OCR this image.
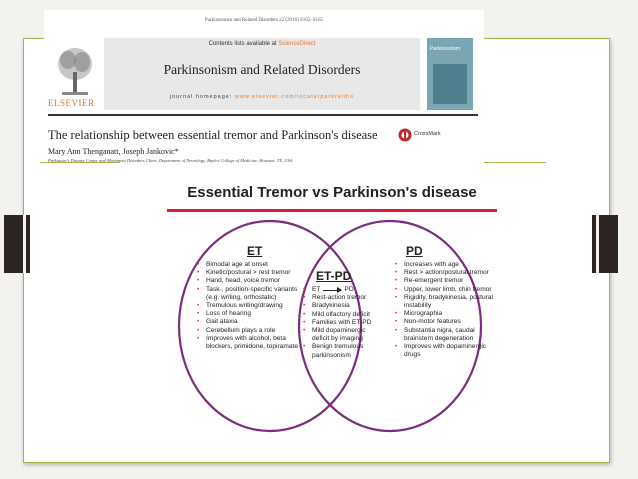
Parkinsonism and Related Disorders 22 (2016) S162–S165
ELSEVIER
Contents lists available at ScienceDirect
Parkinsonism and Related Disorders
journal homepage: www.elsevier.com/locate/parkreldis
Parkinsonism
The relationship between essential tremor and Parkinson's disease	CrossMark
Mary Ann Thenganatt, Joseph Jankovic*
Parkinson's Disease Center and Movement Disorders Clinic, Department of Neurology, Baylor College of Medicine, Houston, TX, USA
Essential Tremor vs Parkinson's disease
ET
• Bimodal age at onset
• Kinetic/postural > rest tremor
• Hand, head, voice tremor
• Task-, position-specific variants (e.g. writing, orthostatic)
• Tremulous writing/drawing
• Loss of hearing
• Gait ataxia
• Cerebellum plays a role
• Improves with alcohol, beta blockers, primidone, topiramate
ET-PD
• ET	PD
• Rest-action tremor
• Bradykinesia
• Mild olfactory deficit
• Families with ET-PD
• Mild dopaminergic deficit by imaging
• Benign tremulous parkinsonism
PD
• Increases with age
• Rest > action/postural tremor
• Re-emergent tremor
• Upper, lower limb, chin tremor
• Rigidity, bradykinesia, postural instability
• Micrographia
• Non-motor features
• Substantia nigra, caudal brainstem degeneration
• Improves with dopaminergic drugs
